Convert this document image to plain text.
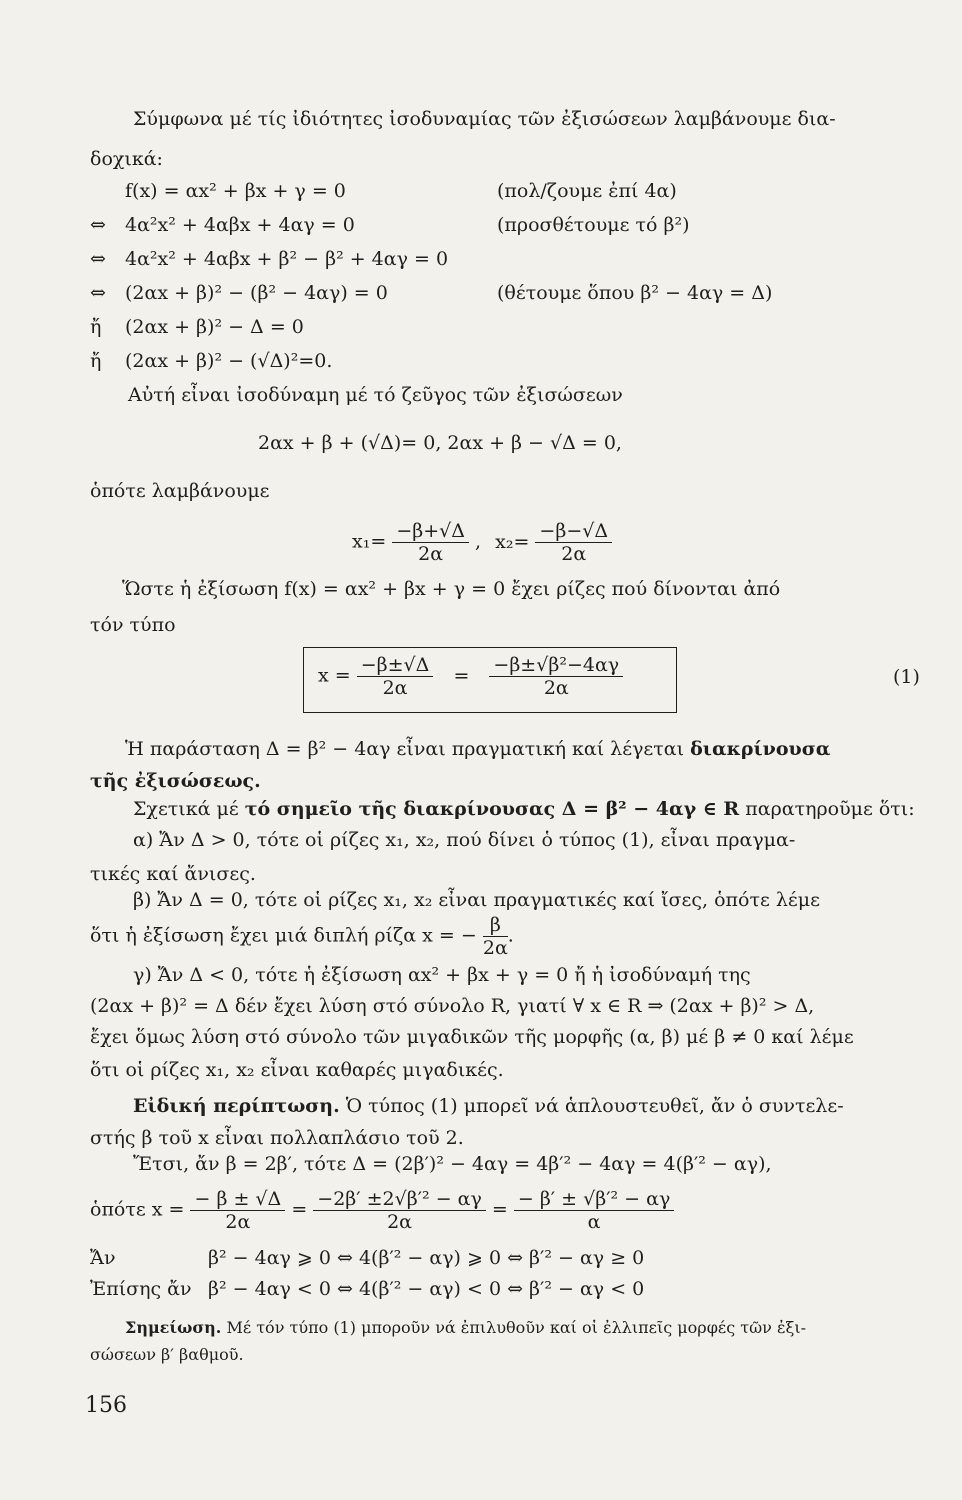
Σύμφωνα μέ τίς ἰδιότητες ἰσοδυναμίας τῶν ἐξισώσεων λαμβάνουμε δια-
δοχικά:
f(x) = αx² + βx + γ = 0	(πολ/ζουμε ἐπί 4α)
⇔ 4α²x² + 4αβx + 4αγ = 0	(προσθέτουμε τό β²)
⇔ 4α²x² + 4αβx + β² − β² + 4αγ = 0
⇔ (2αx + β)² − (β² − 4αγ) = 0	(θέτουμε ὅπου β² − 4αγ = Δ)
ἤ (2αx + β)² − Δ = 0
ἤ (2αx + β)² − (√Δ)²=0.
Αὐτή εἶναι ἰσοδύναμη μέ τό ζεῦγος τῶν ἐξισώσεων
2αx + β + (√Δ)= 0, 2αx + β − √Δ = 0,
ὁπότε λαμβάνουμε
$x_1= \frac{-\beta+√\Delta}{2\alpha}$ , $x_2= \frac{-\beta-√\Delta}{2\alpha}$
Ὥστε ἡ ἐξίσωση f(x) = αx² + βx + γ = 0 ἔχει ρίζες πού δίνονται ἀπό
τόν τύπο
$x = \frac{-\beta\pm√\Delta}{2\alpha} = \frac{\text{−β±√β²−4αγ}}{2\alpha}$	(1)
Ἡ παράσταση Δ = β² − 4αγ εἶναι πραγματική καί λέγεται διακρίνουσα
τῆς ἐξισώσεως.
Σχετικά μέ τό σημεῖο τῆς διακρίνουσας Δ = β² − 4αγ ∈ R παρατηροῦμε ὅτι:
α) Ἄν Δ > 0, τότε οἱ ρίζες x₁, x₂, πού δίνει ὁ τύπος (1), εἶναι πραγμα-
τικές καί ἄνισες.
β) Ἄν Δ = 0, τότε οἱ ρίζες x₁, x₂ εἶναι πραγματικές καί ἴσες, ὁπότε λέμε
ὅτι ἡ ἐξίσωση ἔχει μιά διπλή ρίζα x = − $\frac{\beta}{2\alpha}$ .
γ) Ἄν Δ < 0, τότε ἡ ἐξίσωση αx² + βx + γ = 0 ἤ ἡ ἰσοδύναμή της
(2αx + β)² = Δ δέν ἔχει λύση στό σύνολο R, γιατί ∀ x ∈ R ⇒ (2αx + β)² > Δ,
ἔχει ὅμως λύση στό σύνολο τῶν μιγαδικῶν τῆς μορφῆς (α, β) μέ β ≠ 0 καί λέμε
ὅτι οἱ ρίζες x₁, x₂ εἶναι καθαρές μιγαδικές.
Εἰδική περίπτωση. Ὁ τύπος (1) μπορεῖ νά ἁπλουστευθεῖ, ἄν ὁ συντελε-
στής β τοῦ x εἶναι πολλαπλάσιο τοῦ 2.
Ἔτσι, ἄν β = 2β′, τότε Δ = (2β′)² − 4αγ = 4β′² − 4αγ = 4(β′² − αγ),
ὁπότε $x = \frac{- \beta \pm √\Delta}{2\alpha} = \frac{\text{−2β′ ±2√β′² − αγ}}{2\alpha} = \frac{\text{− β′ ± √β′² − αγ}}{\alpha}$
Ἄν	β² − 4αγ ⩾ 0 ⇔ 4(β′² − αγ) ⩾ 0 ⇔ β′² − αγ ≥ 0
Ἐπίσης ἄν β² − 4αγ < 0 ⇔ 4(β′² − αγ) < 0 ⇔ β′² − αγ < 0
Σημείωση. Μέ τόν τύπο (1) μποροῦν νά ἐπιλυθοῦν καί οἱ ἐλλιπεῖς μορφές τῶν ἐξι-
σώσεων β′ βαθμοῦ.
156
